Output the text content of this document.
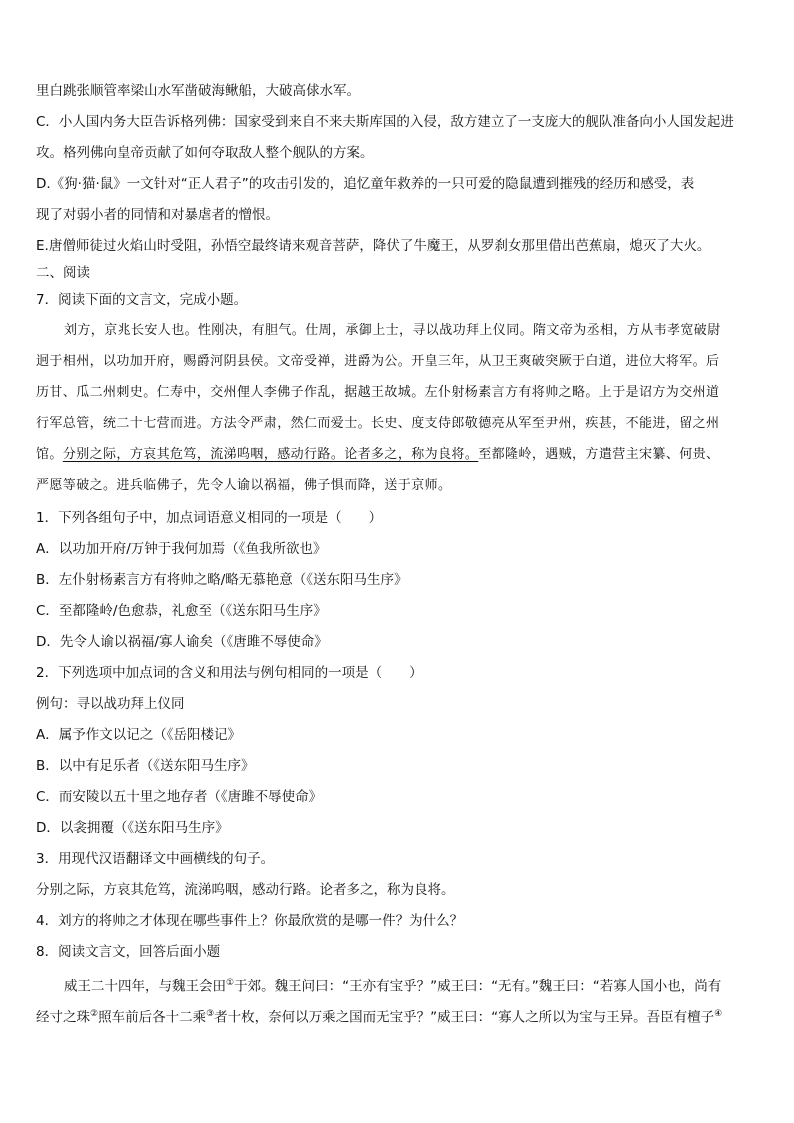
里白跳张顺管率梁山水军凿破海鳅船，大破高俅水军。
C．小人国内务大臣告诉格列佛：国家受到来自不来夫斯库国的入侵，敌方建立了一支庞大的舰队准备向小人国发起进
攻。格列佛向皇帝贡献了如何夺取敌人整个舰队的方案。
D.《狗·猫·鼠》一文针对“正人君子”的攻击引发的，追忆童年救养的一只可爱的隐鼠遭到摧残的经历和感受，表
现了对弱小者的同情和对暴虐者的憎恨。
E.唐僧师徒过火焰山时受阻，孙悟空最终请来观音菩萨，降伏了牛魔王，从罗刹女那里借出芭蕉扇，熄灭了大火。
二、阅读
7．阅读下面的文言文，完成小题。
刘方，京兆长安人也。性刚决，有胆气。仕周，承御上士，寻以战功拜上仪同。隋文帝为丞相，方从韦孝宽破尉
迥于相州，以功加开府，赐爵河阴县侯。文帝受禅，进爵为公。开皇三年，从卫王爽破突厥于白道，进位大将军。后
历甘、瓜二州刺史。仁寿中，交州俚人李佛子作乱，据越王故城。左仆射杨素言方有将帅之略。上于是诏方为交州道
行军总管，统二十七营而进。方法令严肃，然仁而爱士。长史、度支侍郎敬德亮从军至尹州，疾甚，不能进，留之州
馆。分别之际，方哀其危笃，流涕呜咽，感动行路。论者多之，称为良将。至都隆岭，遇贼，方遣营主宋纂、何贵、
严愿等破之。进兵临佛子，先令人谕以祸福，佛子惧而降，送于京师。
1．下列各组句子中，加点词语意义相同的一项是（　　）
A．以功加开府/万钟于我何加焉（《鱼我所欲也》
B．左仆射杨素言方有将帅之略/略无慕艳意（《送东阳马生序》
C．至都隆岭/色愈恭，礼愈至（《送东阳马生序》
D．先令人谕以祸福/寡人谕矣（《唐雎不辱使命》
2．下列选项中加点词的含义和用法与例句相同的一项是（　　）
例句：寻以战功拜上仪同
A．属予作文以记之（《岳阳楼记》
B．以中有足乐者（《送东阳马生序》
C．而安陵以五十里之地存者（《唐雎不辱使命》
D．以衾拥覆（《送东阳马生序》
3．用现代汉语翻译文中画横线的句子。
分别之际，方哀其危笃，流涕呜咽，感动行路。论者多之，称为良将。
4．刘方的将帅之才体现在哪些事件上？你最欣赏的是哪一件？为什么？
8．阅读文言文，回答后面小题
威王二十四年，与魏王会田①于郊。魏王问曰：“王亦有宝乎？”威王曰：“无有。”魏王曰：“若寡人国小也，尚有
经寸之珠②照车前后各十二乘③者十枚，奈何以万乘之国而无宝乎？”威王曰：“寡人之所以为宝与王异。吾臣有檀子④
